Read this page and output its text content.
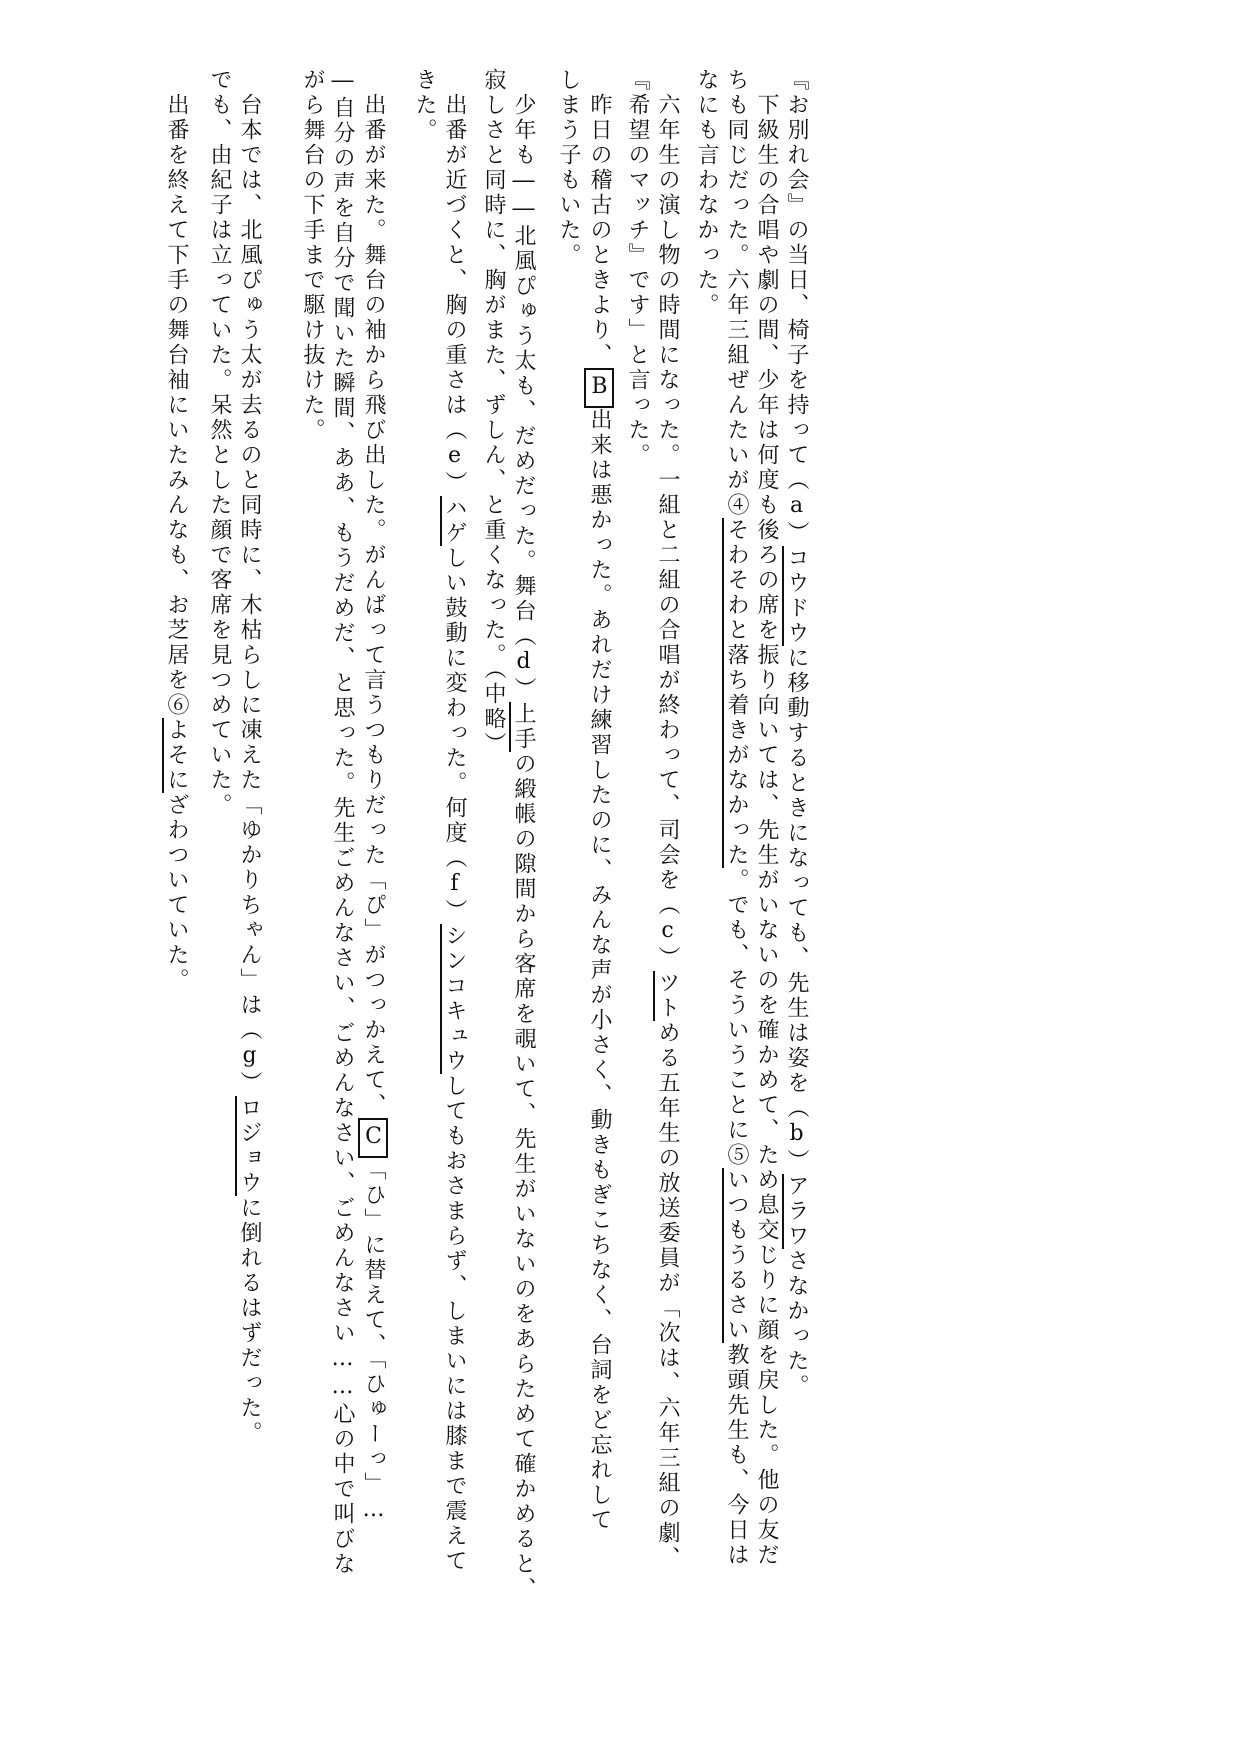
『お別れ会』の当日、椅子を持って（a）コウドウに移動するときになっても、先生は姿を（b）アラワさなかった。
　下級生の合唱や劇の間、少年は何度も後ろの席を振り向いては、先生がいないのを確かめて、ため息交じりに顔を戻した。他の友だ
ちも同じだった。六年三組ぜんたいが④そわそわと落ち着きがなかった。でも、そういうことに⑤いつもうるさい教頭先生も、今日は
なにも言わなかった。
　六年生の演し物の時間になった。一組と二組の合唱が終わって、司会を（c）ツトめる五年生の放送委員が「次は、六年三組の劇、
『希望のマッチ』です」と言った。
　昨日の稽古のときより、B出来は悪かった。あれだけ練習したのに、みんな声が小さく、動きもぎこちなく、台詞をど忘れして
しまう子もいた。
　少年も――北風ぴゅう太も、だめだった。舞台（d）上手の緞帳の隙間から客席を覗いて、先生がいないのをあらためて確かめると、
寂しさと同時に、胸がまた、ずしん、と重くなった。（中略）
　出番が近づくと、胸の重さは（e）ハゲしい鼓動に変わった。何度（f）シンコキュウしてもおさまらず、しまいには膝まで震えて
きた。
　出番が来た。舞台の袖から飛び出した。がんばって言うつもりだった「ぴ」がつっかえて、C「ひ」に替えて、「ひゅーっ」…
―自分の声を自分で聞いた瞬間、ああ、もうだめだ、と思った。先生ごめんなさい、ごめんなさい、ごめんなさい……心の中で叫びな
がら舞台の下手まで駆け抜けた。
　台本では、北風ぴゅう太が去るのと同時に、木枯らしに凍えた「ゆかりちゃん」は（g）ロジョウに倒れるはずだった。
でも、由紀子は立っていた。呆然とした顔で客席を見つめていた。
　出番を終えて下手の舞台袖にいたみんなも、お芝居を⑥よそにざわついていた。
